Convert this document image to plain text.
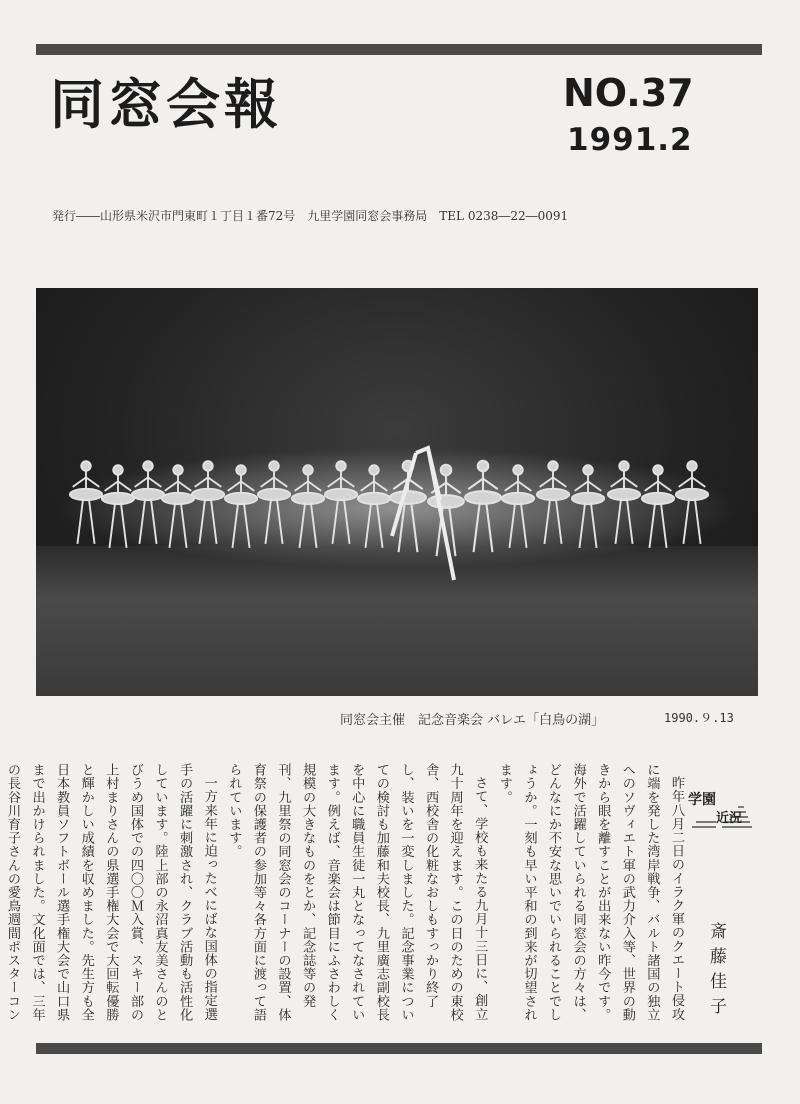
同窓会報	NO.37
1991.2
発行――山形県米沢市門東町１丁目１番72号　九里学園同窓会事務局　TEL 0238―22―0091
同窓会主催　記念音楽会 バレエ「白鳥の湖」	1990.９.13

昨年八月二日のイラク軍のクエート侵攻に端を発した湾岸戦争、バルト諸国の独立へのソヴィエト軍の武力介入等、世界の動きから眼を離すことが出来ない昨今です。海外で活躍していられる同窓会の方々は、どんなにか不安な思いでいられることでしょうか。一刻も早い平和の到来が切望されます。

さて、学校も来たる九月十三日に、創立九十周年を迎えます。この日のための東校舎、西校舎の化粧なおしもすっかり終了し、装いを一変しました。記念事業についての検討も加藤和夫校長、九里廣志副校長を中心に職員生徒一丸となってなされています。例えば、音楽会は節目にふさわしく規模の大きなものをとか、記念誌等の発刊、九里祭の同窓会のコーナーの設置、体育祭の保護者の参加等々各方面に渡って語られています。

一方来年に迫ったべにばな国体の指定選手の活躍に刺激され、クラブ活動も活性化しています。陸上部の永沼真友美さんのとびうめ国体での四〇〇Ｍ入賞、スキー部の上村まりさんの県選手権大会で大回転優勝と輝かしい成績を収めました。先生方も全日本教員ソフトボール選手権大会で山口県まで出かけられました。文化面では、三年の長谷川育子さんの愛鳥週間ポスターコン

学園
近況
斎藤佳子
